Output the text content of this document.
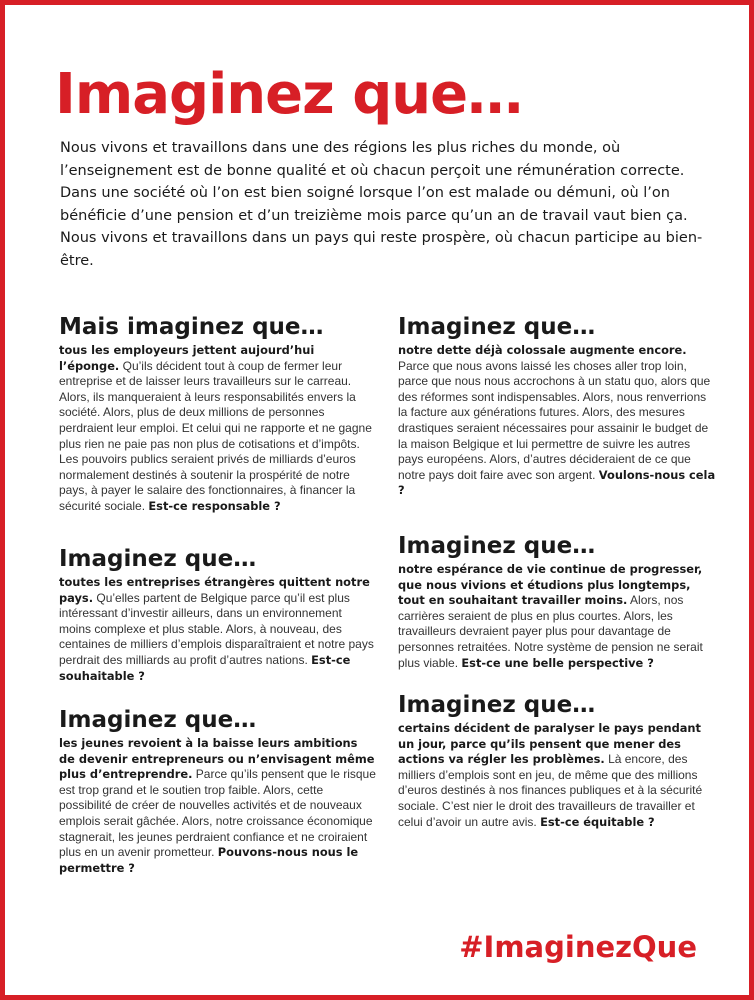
Imaginez que…

Nous vivons et travaillons dans une des régions les plus riches du monde, où l’enseignement est de bonne qualité et où chacun perçoit une rémunération correcte. Dans une société où l’on est bien soigné lorsque l’on est malade ou démuni, où l’on bénéficie d’une pension et d’un treizième mois parce qu’un an de travail vaut bien ça. Nous vivons et travaillons dans un pays qui reste prospère, où chacun participe au bien-être.

Mais imaginez que…

tous les employeurs jettent aujourd’hui l’éponge. Qu’ils décident tout à coup de fermer leur entreprise et de laisser leurs travailleurs sur le carreau. Alors, ils manqueraient à leurs responsabilités envers la société. Alors, plus de deux millions de personnes perdraient leur emploi. Et celui qui ne rapporte et ne gagne plus rien ne paie pas non plus de cotisations et d’impôts. Les pouvoirs publics seraient privés de milliards d’euros normalement destinés à soutenir la prospérité de notre pays, à payer le salaire des fonctionnaires, à financer la sécurité sociale. Est-ce responsable ?

Imaginez que…

toutes les entreprises étrangères quittent notre pays. Qu’elles partent de Belgique parce qu’il est plus intéressant d’investir ailleurs, dans un environnement moins complexe et plus stable. Alors, à nouveau, des centaines de milliers d’emplois disparaîtraient et notre pays perdrait des milliards au profit d’autres nations. Est-ce souhaitable ?

Imaginez que…

les jeunes revoient à la baisse leurs ambitions de devenir entrepreneurs ou n’envisagent même plus d’entreprendre. Parce qu’ils pensent que le risque est trop grand et le soutien trop faible. Alors, cette possibilité de créer de nouvelles activités et de nouveaux emplois serait gâchée. Alors, notre croissance économique stagnerait, les jeunes perdraient confiance et ne croiraient plus en un avenir prometteur. Pouvons-nous nous le permettre ?

Imaginez que…

notre dette déjà colossale augmente encore. Parce que nous avons laissé les choses aller trop loin, parce que nous nous accrochons à un statu quo, alors que des réformes sont indispensables. Alors, nous renverrions la facture aux générations futures. Alors, des mesures drastiques seraient nécessaires pour assainir le budget de la maison Belgique et lui permettre de suivre les autres pays européens. Alors, d’autres décideraient de ce que notre pays doit faire avec son argent. Voulons-nous cela ?

Imaginez que…

notre espérance de vie continue de progresser, que nous vivions et étudions plus longtemps, tout en souhaitant travailler moins. Alors, nos carrières seraient de plus en plus courtes. Alors, les travailleurs devraient payer plus pour davantage de personnes retraitées. Notre système de pension ne serait plus viable. Est-ce une belle perspective ?

Imaginez que…

certains décident de paralyser le pays pendant un jour, parce qu’ils pensent que mener des actions va régler les problèmes. Là encore, des milliers d’emplois sont en jeu, de même que des millions d’euros destinés à nos finances publiques et à la sécurité sociale. C’est nier le droit des travailleurs de travailler et celui d’avoir un autre avis. Est-ce équitable ?

#ImaginezQue
